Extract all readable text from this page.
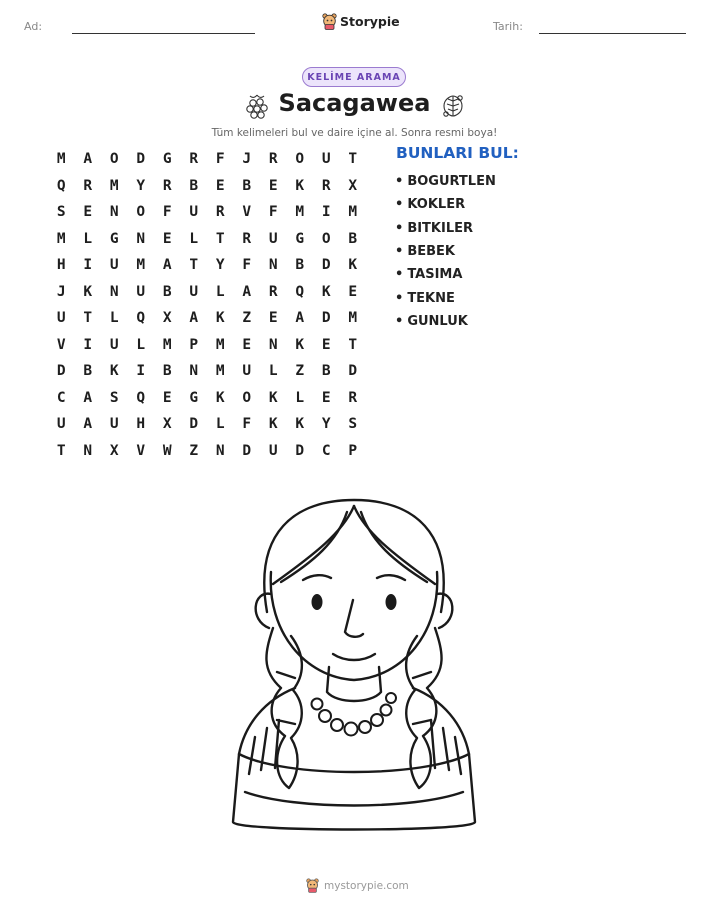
Ad:	Storypie	Tarih:
KELİME ARAMA
Sacagawea
Tüm kelimeleri bul ve daire içine al. Sonra resmi boya!
M	A	O	D	G	R	F	J	R	O	U	T
Q	R	M	Y	R	B	E	B	E	K	R	X
S	E	N	O	F	U	R	V	F	M	I	M
M	L	G	N	E	L	T	R	U	G	O	B
H	I	U	M	A	T	Y	F	N	B	D	K
J	K	N	U	B	U	L	A	R	Q	K	E
U	T	L	Q	X	A	K	Z	E	A	D	M
V	I	U	L	M	P	M	E	N	K	E	T
D	B	K	I	B	N	M	U	L	Z	B	D
C	A	S	Q	E	G	K	O	K	L	E	R
U	A	U	H	X	D	L	F	K	K	Y	S
T	N	X	V	W	Z	N	D	U	D	C	P
BUNLARI BUL:
• BOGURTLEN
• KOKLER
• BITKILER
• BEBEK
• TASIMA
• TEKNE
• GUNLUK
mystorypie.com
